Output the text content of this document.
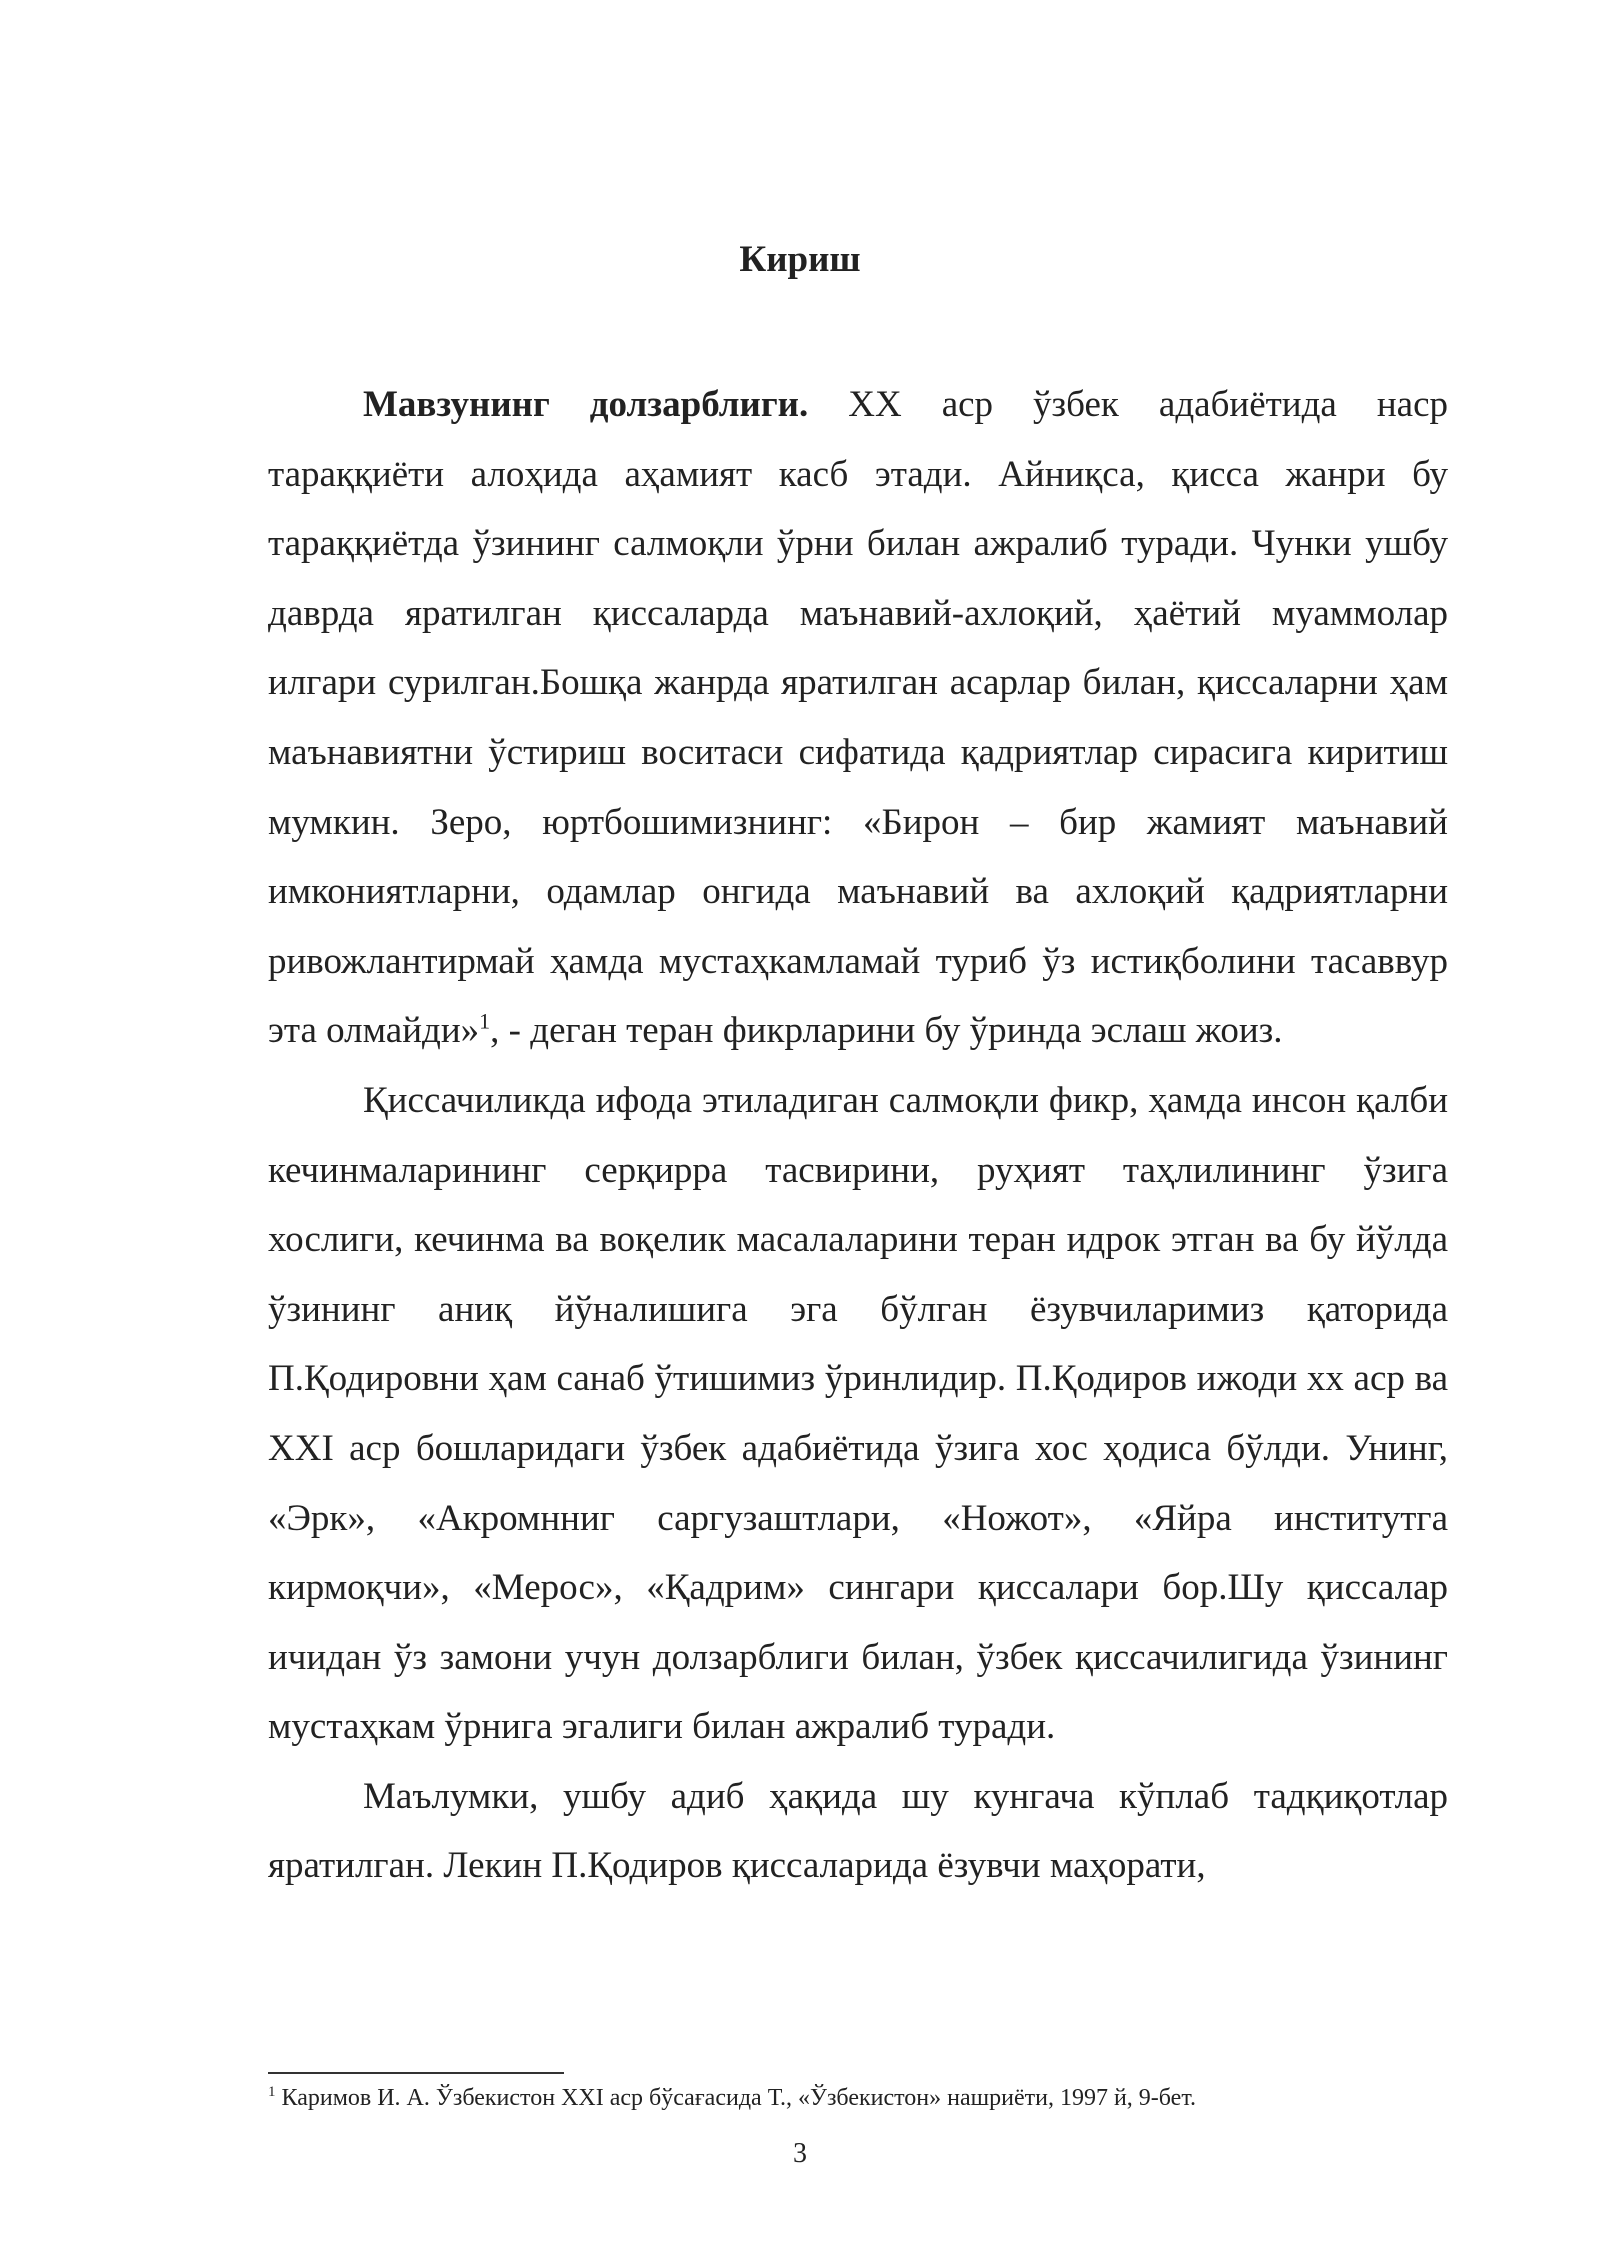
Кириш

Мавзунинг долзарблиги. ХХ аср ўзбек адабиётида наср тараққиёти алоҳида аҳамият касб этади. Айниқса, қисса жанри бу тараққиётда ўзининг салмоқли ўрни билан ажралиб туради. Чунки ушбу даврда яратилган қиссаларда маънавий-ахлоқий, ҳаётий муаммолар илгари сурилган.Бошқа жанрда яратилган асарлар билан, қиссаларни ҳам маънавиятни ўстириш воситаси сифатида қадриятлар сирасига киритиш мумкин. Зеро, юртбошимизнинг: «Бирон – бир жамият маънавий имкониятларни, одамлар онгида маънавий ва ахлоқий қадриятларни ривожлантирмай ҳамда мустаҳкамламай туриб ўз истиқболини тасаввур эта олмайди»$^1$, - деган теран фикрларини бу ўринда эслаш жоиз.

Қиссачиликда ифода этиладиган салмоқли фикр, ҳамда инсон қалби кечинмаларининг серқирра тасвирини, руҳият таҳлилининг ўзига хослиги, кечинма ва воқелик масалаларини теран идрок этган ва бу йўлда ўзининг аниқ йўналишига эга бўлган ёзувчиларимиз қаторида П.Қодировни ҳам санаб ўтишимиз ўринлидир. П.Қодиров ижоди хх аср ва XXI аср бошларидаги ўзбек адабиётида ўзига хос ҳодиса бўлди. Унинг, «Эрк», «Акромнниг саргузаштлари, «Ножот», «Яйра институтга кирмоқчи», «Мерос», «Қадрим» сингари қиссалари бор.Шу қиссалар ичидан ўз замони учун долзарблиги билан, ўзбек қиссачилигида ўзининг мустаҳкам ўрнига эгалиги билан ажралиб туради.

Маълумки, ушбу адиб ҳақида шу кунгача кўплаб тадқиқотлар яратилган. Лекин П.Қодиров қиссаларида ёзувчи маҳорати,

$^1$ Каримов И. А. Ўзбекистон XXI аср бўсағасида Т., «Ўзбекистон» нашриёти, 1997 й, 9-бет.
3
